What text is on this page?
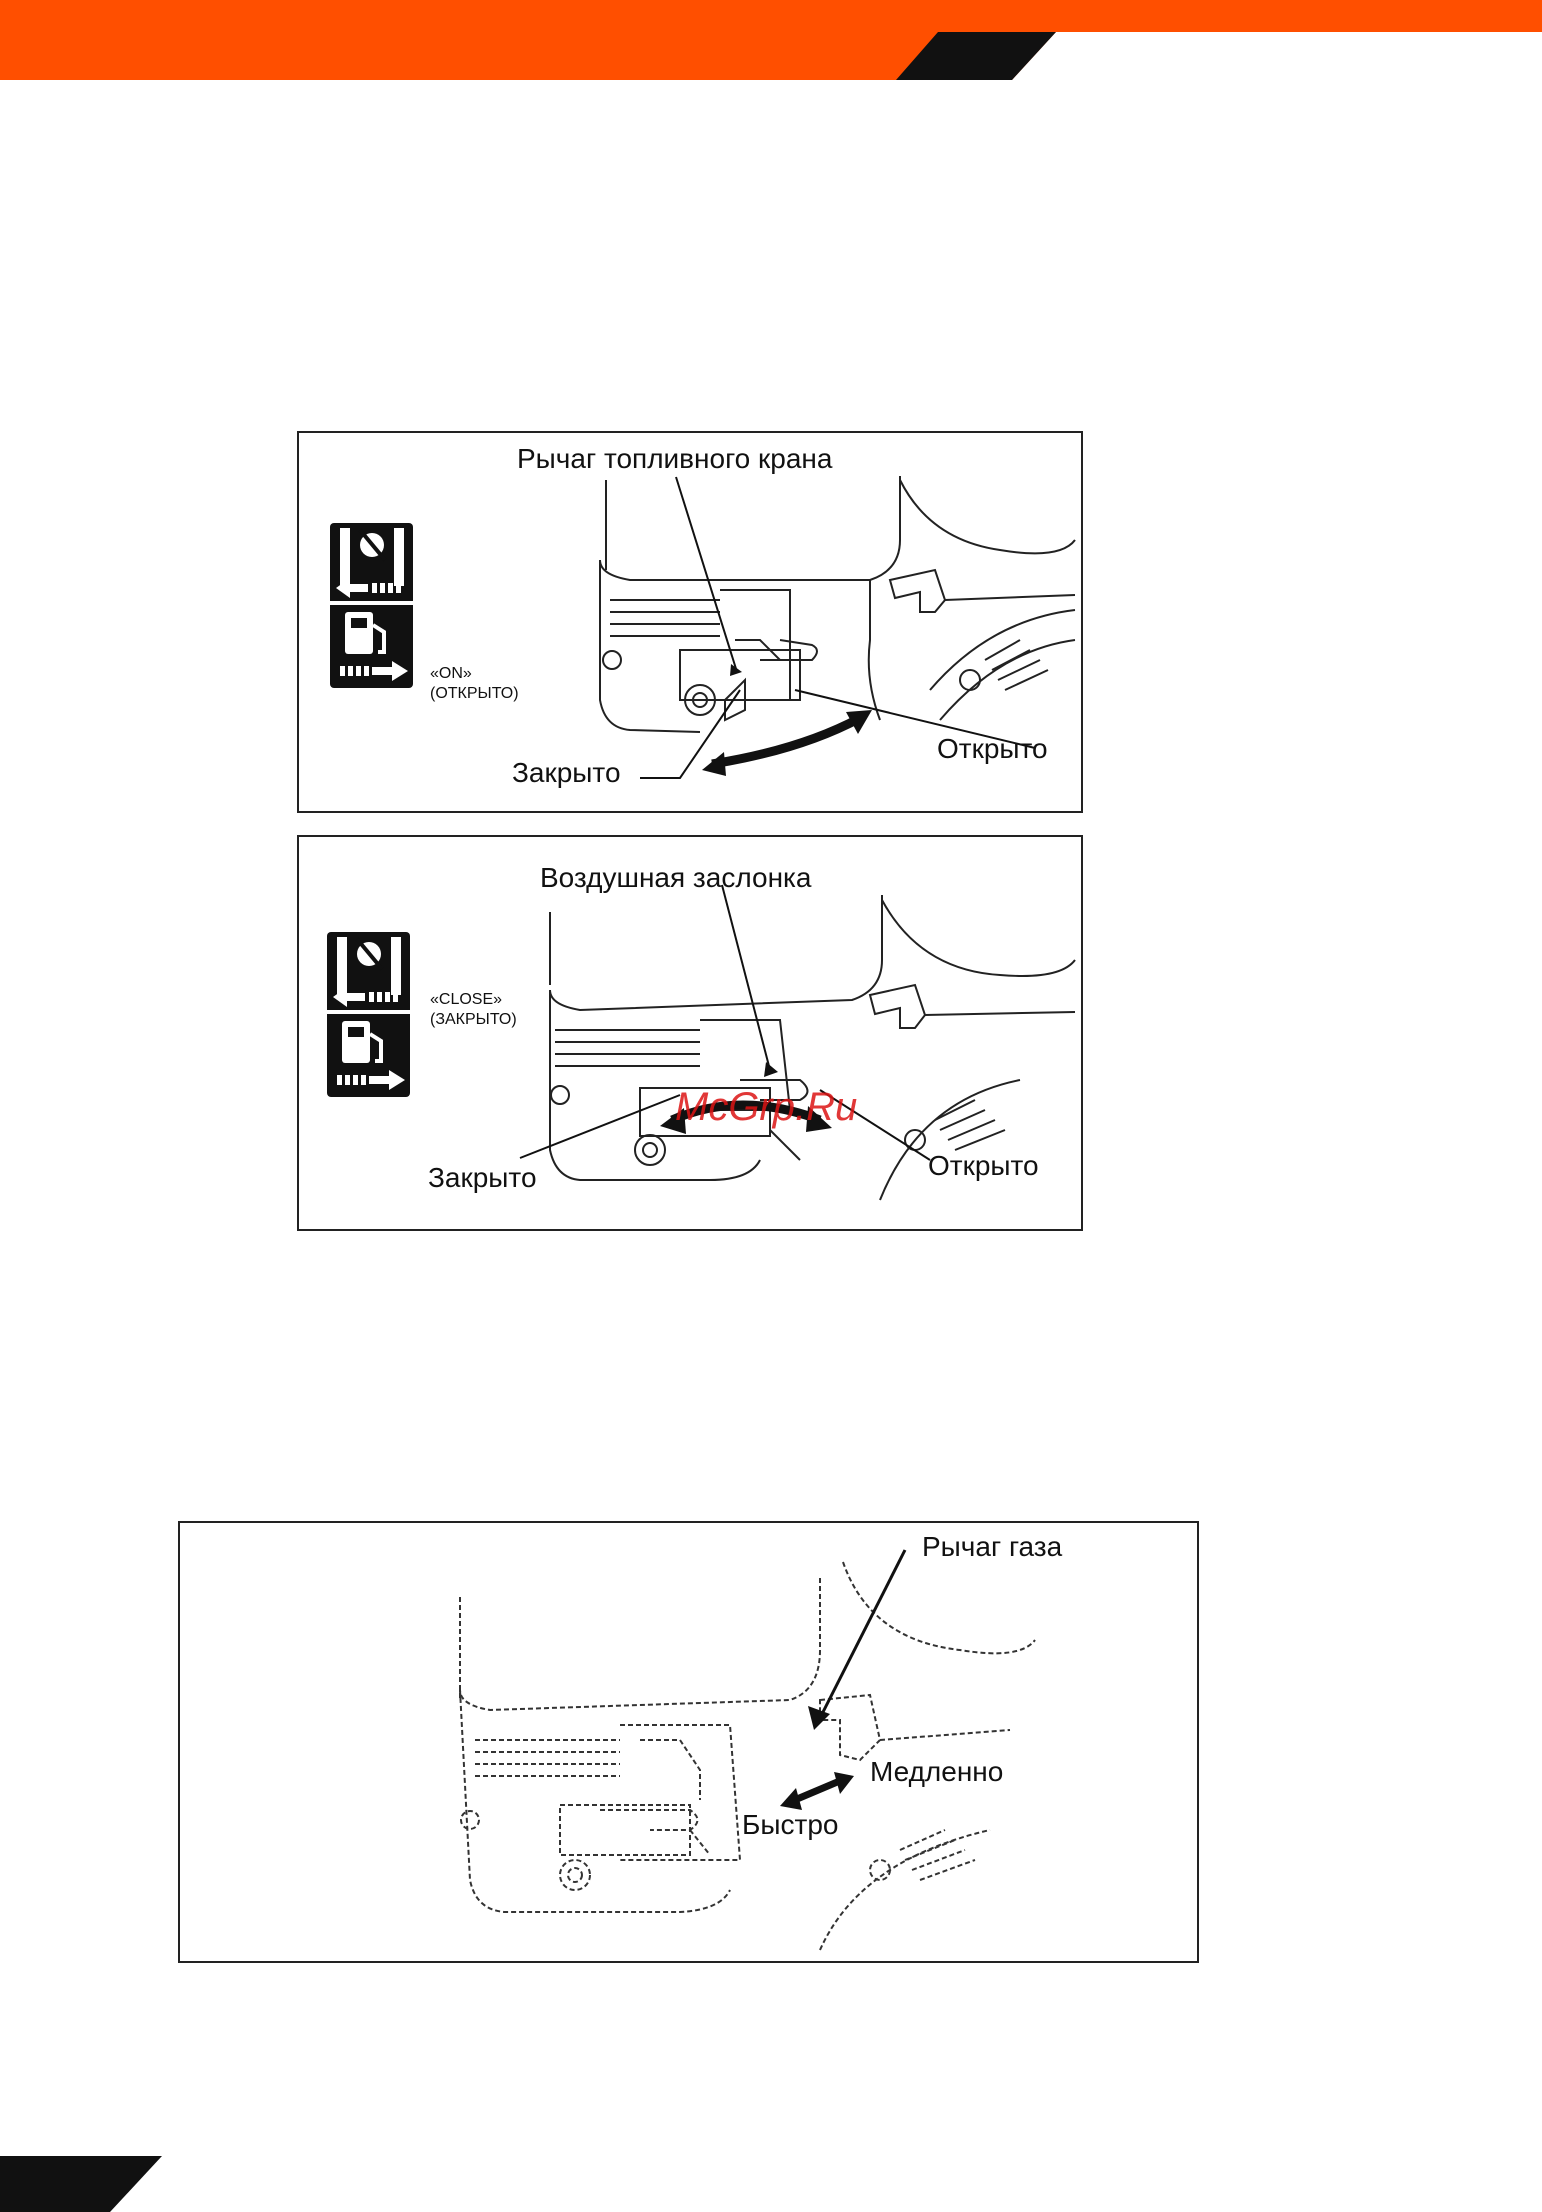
Рычаг топливного крана
Закрыто
Открыто
«ON»
(ОТКРЫТО)
Воздушная заслонка
Закрыто	Открыто
«CLOSE»
(ЗАКРЫТО)
McGrp.Ru
Рычаг газа
Медленно
Быстро
